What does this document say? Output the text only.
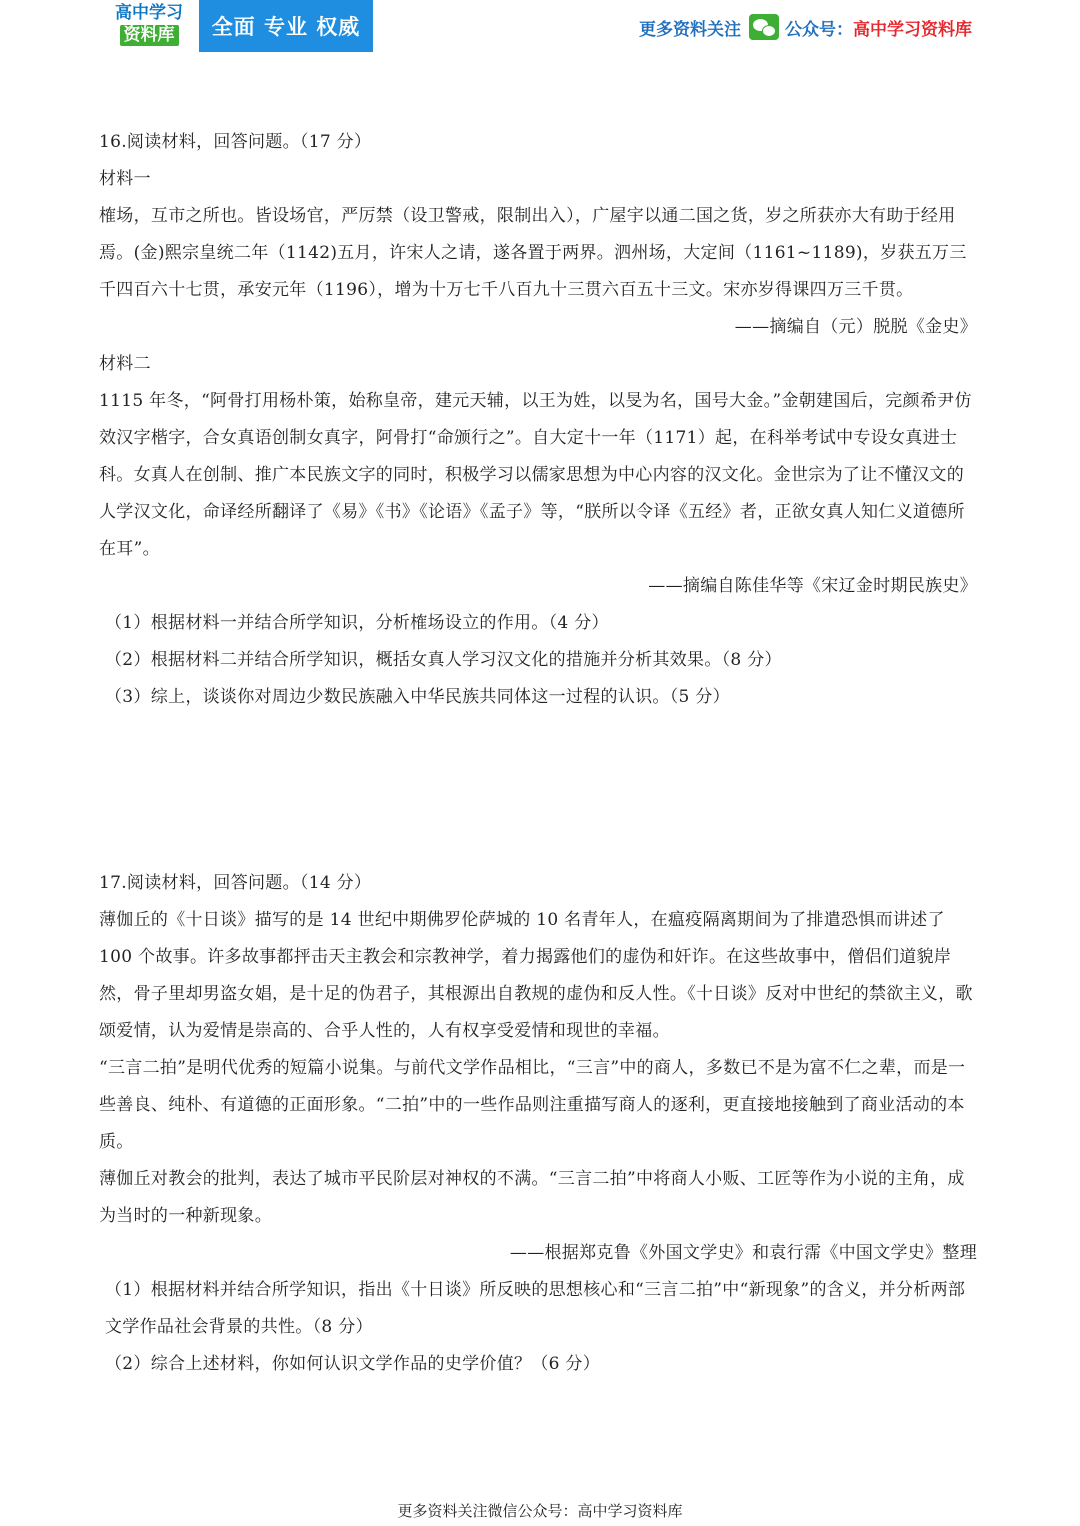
高中学习
资料库	全面 专业 权威	更多资料关注	公众号： 高中学习资料库

16.阅读材料，回答问题。（17 分）

材料一

榷场，互市之所也。皆设场官，严厉禁（设卫警戒，限制出入），广屋宇以通二国之货，岁之所获亦大有助于经用焉。(金)熙宗皇统二年（1142)五月，许宋人之请，遂各置于两界。泗州场，大定间（1161~1189)，岁获五万三千四百六十七贯，承安元年（1196），增为十万七千八百九十三贯六百五十三文。宋亦岁得课四万三千贯。

——摘编自（元）脱脱《金史》

材料二

1115 年冬，“阿骨打用杨朴策，始称皇帝，建元天辅，以王为姓，以旻为名，国号大金。”金朝建国后，完颜希尹仿效汉字楷字，合女真语创制女真字，阿骨打“命颁行之”。自大定十一年（1171）起，在科举考试中专设女真进士科。女真人在创制、推广本民族文字的同时，积极学习以儒家思想为中心内容的汉文化。金世宗为了让不懂汉文的人学汉文化，命译经所翻译了《易》《书》《论语》《孟子》等，“朕所以令译《五经》者，正欲女真人知仁义道德所在耳”。

——摘编自陈佳华等《宋辽金时期民族史》

（1）根据材料一并结合所学知识，分析榷场设立的作用。（4 分）

（2）根据材料二并结合所学知识，概括女真人学习汉文化的措施并分析其效果。（8 分）

（3）综上，谈谈你对周边少数民族融入中华民族共同体这一过程的认识。（5 分）

17.阅读材料，回答问题。（14 分）

薄伽丘的《十日谈》描写的是 14 世纪中期佛罗伦萨城的 10 名青年人，在瘟疫隔离期间为了排遣恐惧而讲述了 100 个故事。许多故事都抨击天主教会和宗教神学，着力揭露他们的虚伪和奸诈。在这些故事中，僧侣们道貌岸然，骨子里却男盗女娼，是十足的伪君子，其根源出自教规的虚伪和反人性。《十日谈》反对中世纪的禁欲主义，歌颂爱情，认为爱情是崇高的、合乎人性的，人有权享受爱情和现世的幸福。

“三言二拍”是明代优秀的短篇小说集。与前代文学作品相比，“三言”中的商人，多数已不是为富不仁之辈，而是一些善良、纯朴、有道德的正面形象。“二拍”中的一些作品则注重描写商人的逐利，更直接地接触到了商业活动的本质。

薄伽丘对教会的批判，表达了城市平民阶层对神权的不满。“三言二拍”中将商人小贩、工匠等作为小说的主角，成为当时的一种新现象。

——根据郑克鲁《外国文学史》和袁行霈《中国文学史》整理

（1）根据材料并结合所学知识，指出《十日谈》所反映的思想核心和“三言二拍”中“新现象”的含义，并分析两部文学作品社会背景的共性。（8 分）

（2）综合上述材料，你如何认识文学作品的史学价值？（6 分）

更多资料关注微信公众号：高中学习资料库
